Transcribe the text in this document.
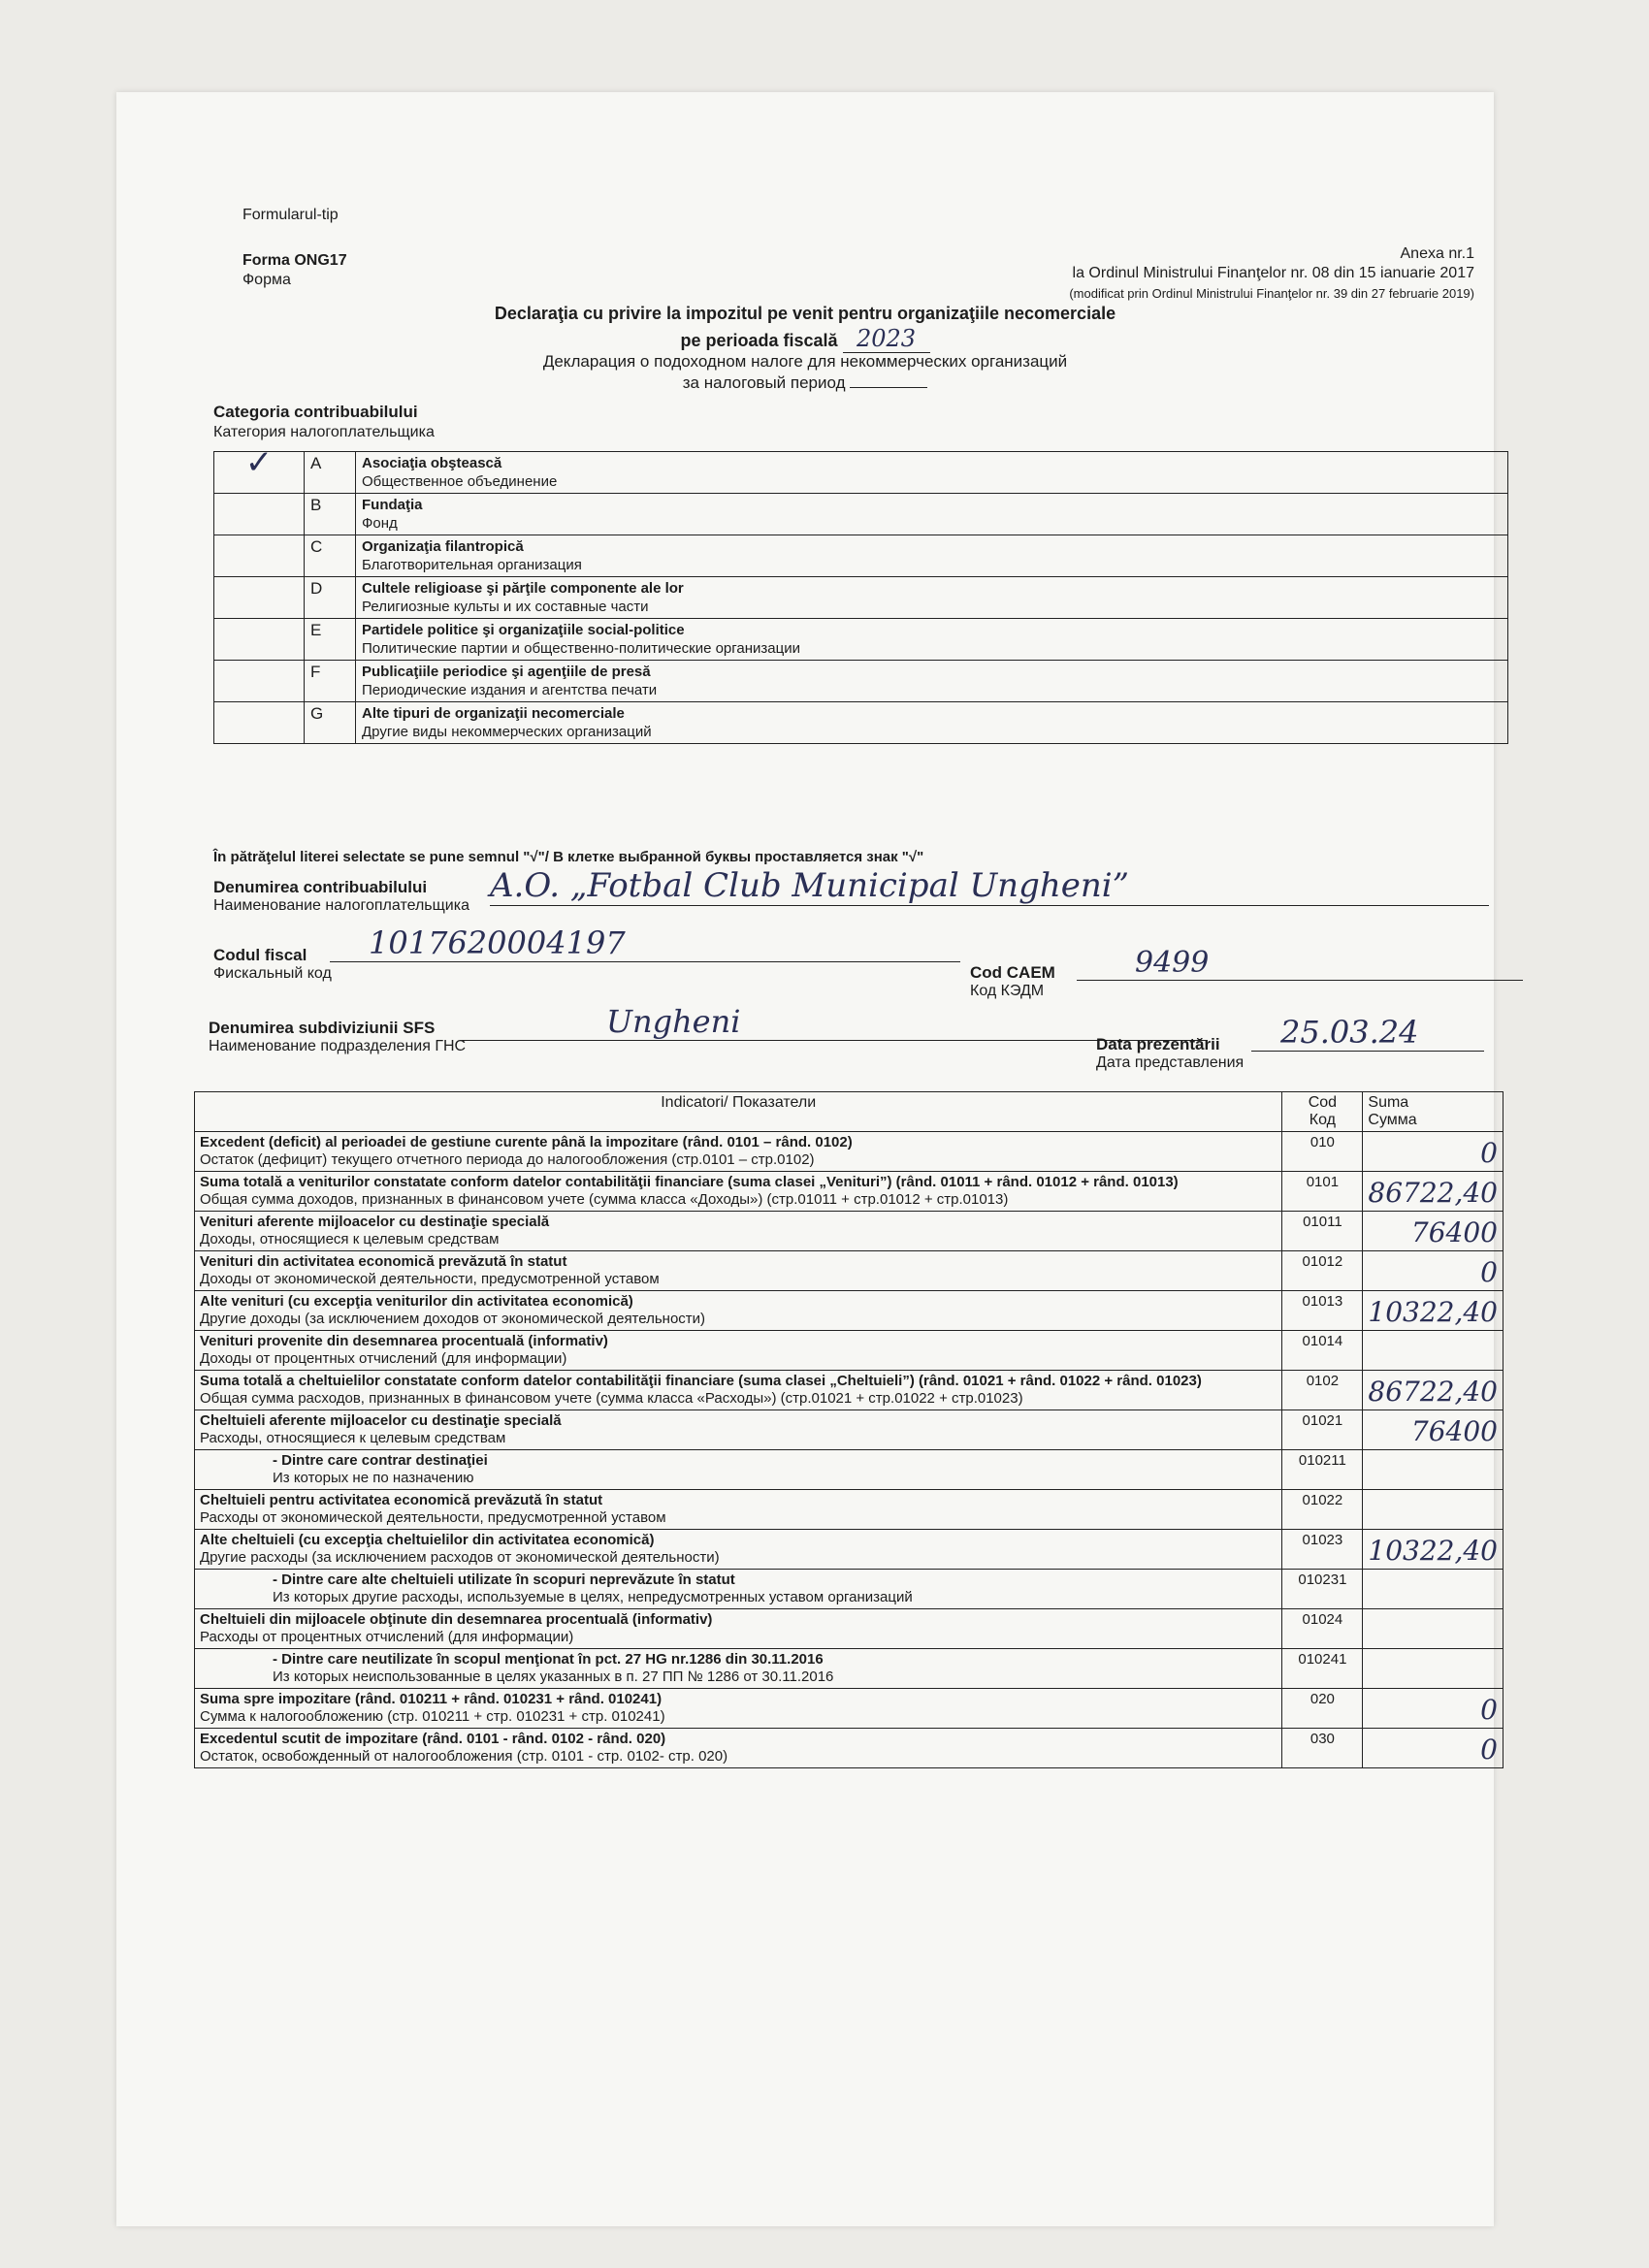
Formularul-tip
Forma ONG17
Форма
Anexa nr.1
la Ordinul Ministrului Finanţelor nr. 08 din 15 ianuarie 2017
(modificat prin Ordinul Ministrului Finanţelor nr. 39 din 27 februarie 2019)
Declaraţia cu privire la impozitul pe venit pentru organizaţiile necomerciale
pe perioada fiscală 2023
Декларация о подоходном налоге для некоммерческих организаций
за налоговый период
Categoria contribuabilului
Категория налогоплательщика
✓	A	Asociaţia obştească
Общественное объединение

	B	Fundaţia
Фонд

	C	Organizaţia filantropică
Благотворительная организация

	D	Cultele religioase şi părţile componente ale lor
Религиозные культы и их составные части

	E	Partidele politice şi organizaţiile social-politice
Политические партии и общественно-политические организации

	F	Publicaţiile periodice şi agenţiile de presă
Периодические издания и агентства печати

	G	Alte tipuri de organizaţii necomerciale
Другие виды некоммерческих организаций
În pătrăţelul literei selectate se pune semnul "√"/ В клетке выбранной буквы проставляется знак "√"
Denumirea contribuabilului A.O. „Fotbal Club Municipal Ungheni”
Наименование налогоплательщика
Codul fiscal	1017620004197
Фискальный код	Cod CAEM	9499
Код КЭДМ
Denumirea subdiviziunii SFS	Ungheni
Наименование подразделения ГНС	Data prezentării	25.03.24
Дата представления
Indicatori/ Показатели	Cod
Код	Suma
Сумма

Excedent (deficit) al perioadei de gestiune curente până la impozitare (rând. 0101 – rând. 0102)
Остаток (дефицит) текущего отчетного периода до налогообложения (стр.0101 – стр.0102)	010	0

Suma totală a veniturilor constatate conform datelor contabilităţii financiare (suma clasei „Venituri”) (rând. 01011 + rând. 01012 + rând. 01013)
Общая сумма доходов, признанных в финансовом учете (сумма класса «Доходы») (стр.01011 + стр.01012 + стр.01013)	0101	86722,40

Venituri aferente mijloacelor cu destinaţie specială
Доходы, относящиеся к целевым средствам	01011	76400

Venituri din activitatea economică prevăzută în statut
Доходы от экономической деятельности, предусмотренной уставом	01012	0

Alte venituri (cu excepţia veniturilor din activitatea economică)
Другие доходы (за исключением доходов от экономической деятельности)	01013	10322,40

Venituri provenite din desemnarea procentuală (informativ)
Доходы от процентных отчислений (для информации)	01014	

Suma totală a cheltuielilor constatate conform datelor contabilităţii financiare (suma clasei „Cheltuieli”) (rând. 01021 + rând. 01022 + rând. 01023)
Общая сумма расходов, признанных в финансовом учете (сумма класса «Расходы») (стр.01021 + стр.01022 + стр.01023)	0102	86722,40

Cheltuieli aferente mijloacelor cu destinaţie specială
Расходы, относящиеся к целевым средствам	01021	76400

- Dintre care contrar destinaţiei
Из которых не по назначению	010211	

Cheltuieli pentru activitatea economică prevăzută în statut
Расходы от экономической деятельности, предусмотренной уставом	01022	

Alte cheltuieli (cu excepţia cheltuielilor din activitatea economică)
Другие расходы (за исключением расходов от экономической деятельности)	01023	10322,40

- Dintre care alte cheltuieli utilizate în scopuri neprevăzute în statut
Из которых другие расходы, используемые в целях, непредусмотренных уставом организаций	010231	

Cheltuieli din mijloacele obţinute din desemnarea procentuală (informativ)
Расходы от процентных отчислений (для информации)	01024	

- Dintre care neutilizate în scopul menţionat în pct. 27 HG nr.1286 din 30.11.2016
Из которых неиспользованные в целях указанных в п. 27 ПП № 1286 от 30.11.2016	010241	

Suma spre impozitare (rând. 010211 + rând. 010231 + rând. 010241)
Сумма к налогообложению (стр. 010211 + стр. 010231 + стр. 010241)	020	0

Excedentul scutit de impozitare (rând. 0101 - rând. 0102 - rând. 020)
Остаток, освобожденный от налогообложения (стр. 0101 - стр. 0102- стр. 020)	030	0
